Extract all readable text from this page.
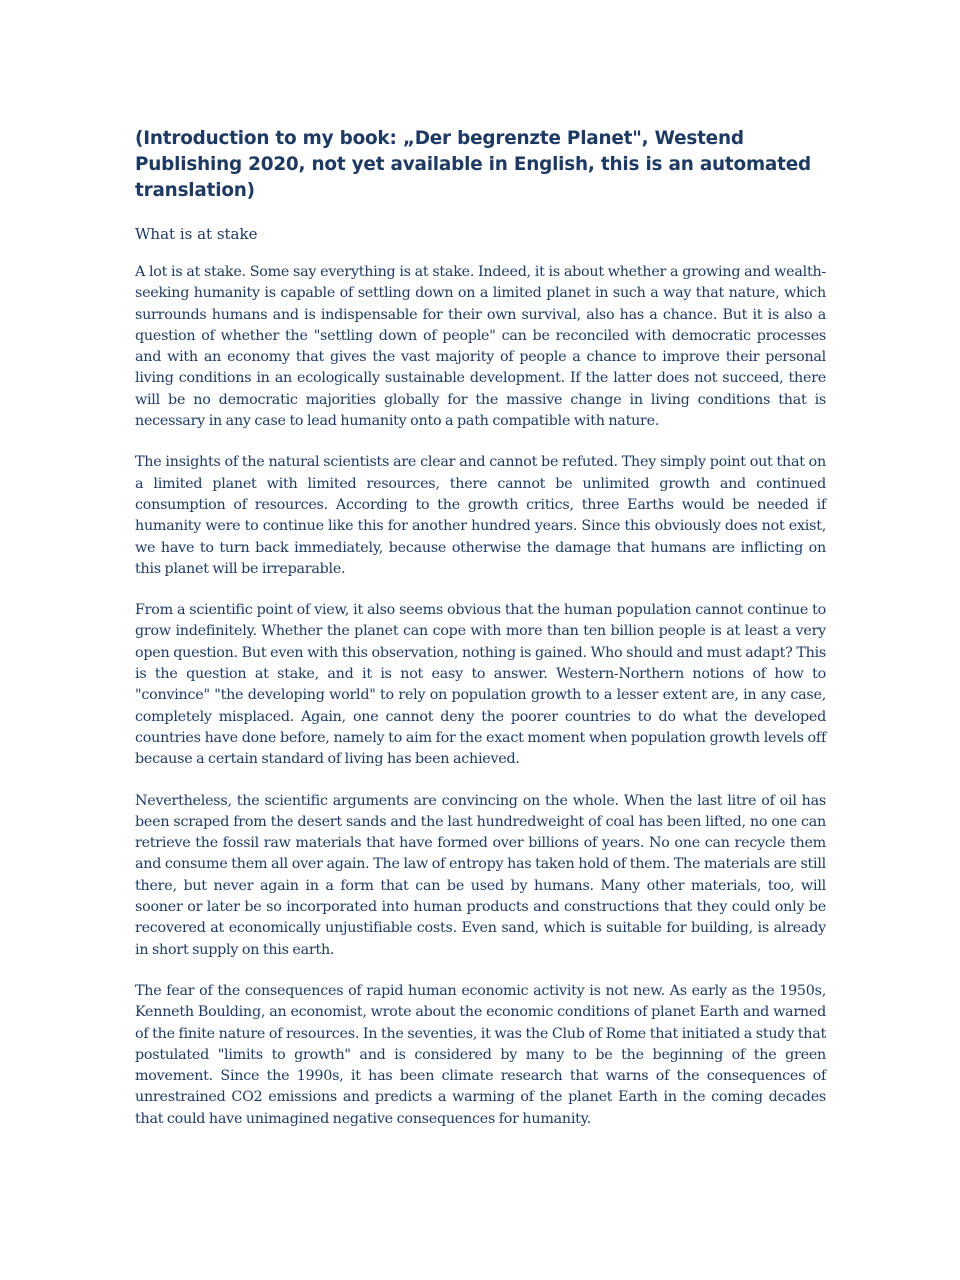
(Introduction to my book: „Der begrenzte Planet", Westend Publishing 2020, not yet available in English, this is an automated translation)
What is at stake

A lot is at stake. Some say everything is at stake. Indeed, it is about whether a growing and wealth-seeking humanity is capable of settling down on a limited planet in such a way that nature, which surrounds humans and is indispensable for their own survival, also has a chance. But it is also a question of whether the "settling down of people" can be reconciled with democratic processes and with an economy that gives the vast majority of people a chance to improve their personal living conditions in an ecologically sustainable development. If the latter does not succeed, there will be no democratic majorities globally for the massive change in living conditions that is necessary in any case to lead humanity onto a path compatible with nature.

The insights of the natural scientists are clear and cannot be refuted. They simply point out that on a limited planet with limited resources, there cannot be unlimited growth and continued consumption of resources. According to the growth critics, three Earths would be needed if humanity were to continue like this for another hundred years. Since this obviously does not exist, we have to turn back immediately, because otherwise the damage that humans are inflicting on this planet will be irreparable.

From a scientific point of view, it also seems obvious that the human population cannot continue to grow indefinitely. Whether the planet can cope with more than ten billion people is at least a very open question. But even with this observation, nothing is gained. Who should and must adapt? This is the question at stake, and it is not easy to answer. Western-Northern notions of how to "convince" "the developing world" to rely on population growth to a lesser extent are, in any case, completely misplaced. Again, one cannot deny the poorer countries to do what the developed countries have done before, namely to aim for the exact moment when population growth levels off because a certain standard of living has been achieved.

Nevertheless, the scientific arguments are convincing on the whole. When the last litre of oil has been scraped from the desert sands and the last hundredweight of coal has been lifted, no one can retrieve the fossil raw materials that have formed over billions of years. No one can recycle them and consume them all over again. The law of entropy has taken hold of them. The materials are still there, but never again in a form that can be used by humans. Many other materials, too, will sooner or later be so incorporated into human products and constructions that they could only be recovered at economically unjustifiable costs. Even sand, which is suitable for building, is already in short supply on this earth.

The fear of the consequences of rapid human economic activity is not new. As early as the 1950s, Kenneth Boulding, an economist, wrote about the economic conditions of planet Earth and warned of the finite nature of resources. In the seventies, it was the Club of Rome that initiated a study that postulated "limits to growth" and is considered by many to be the beginning of the green movement. Since the 1990s, it has been climate research that warns of the consequences of unrestrained CO2 emissions and predicts a warming of the planet Earth in the coming decades that could have unimagined negative consequences for humanity.
